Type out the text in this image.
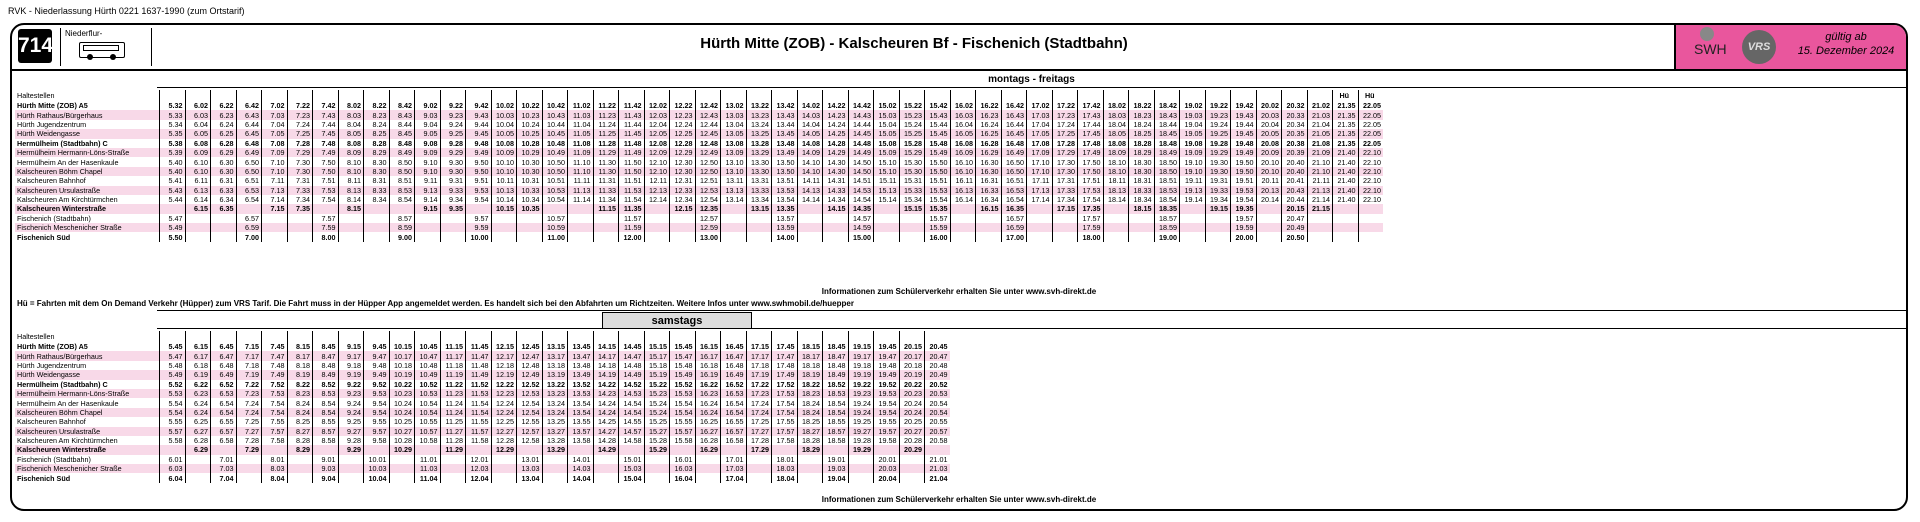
RVK - Niederlassung Hürth 0221 1637-1990 (zum Ortstarif)
714
Niederflur-
Hürth Mitte (ZOB) - Kalscheuren Bf - Fischenich (Stadtbahn)	SWH	VRS
gültig ab
15. Dezember 2024
montags - freitags
Haltestellen																																															Hü	Hü
Hürth Mitte (ZOB) A5	5.32	6.02	6.22	6.42	7.02	7.22	7.42	8.02	8.22	8.42	9.02	9.22	9.42	10.02	10.22	10.42	11.02	11.22	11.42	12.02	12.22	12.42	13.02	13.22	13.42	14.02	14.22	14.42	15.02	15.22	15.42	16.02	16.22	16.42	17.02	17.22	17.42	18.02	18.22	18.42	19.02	19.22	19.42	20.02	20.32	21.02	21.35	22.05
Hürth Rathaus/Bürgerhaus	5.33	6.03	6.23	6.43	7.03	7.23	7.43	8.03	8.23	8.43	9.03	9.23	9.43	10.03	10.23	10.43	11.03	11.23	11.43	12.03	12.23	12.43	13.03	13.23	13.43	14.03	14.23	14.43	15.03	15.23	15.43	16.03	16.23	16.43	17.03	17.23	17.43	18.03	18.23	18.43	19.03	19.23	19.43	20.03	20.33	21.03	21.35	22.05
Hürth Jugendzentrum	5.34	6.04	6.24	6.44	7.04	7.24	7.44	8.04	8.24	8.44	9.04	9.24	9.44	10.04	10.24	10.44	11.04	11.24	11.44	12.04	12.24	12.44	13.04	13.24	13.44	14.04	14.24	14.44	15.04	15.24	15.44	16.04	16.24	16.44	17.04	17.24	17.44	18.04	18.24	18.44	19.04	19.24	19.44	20.04	20.34	21.04	21.35	22.05
Hürth Weidengasse	5.35	6.05	6.25	6.45	7.05	7.25	7.45	8.05	8.25	8.45	9.05	9.25	9.45	10.05	10.25	10.45	11.05	11.25	11.45	12.05	12.25	12.45	13.05	13.25	13.45	14.05	14.25	14.45	15.05	15.25	15.45	16.05	16.25	16.45	17.05	17.25	17.45	18.05	18.25	18.45	19.05	19.25	19.45	20.05	20.35	21.05	21.35	22.05
Hermülheim (Stadtbahn) C	5.38	6.08	6.28	6.48	7.08	7.28	7.48	8.08	8.28	8.48	9.08	9.28	9.48	10.08	10.28	10.48	11.08	11.28	11.48	12.08	12.28	12.48	13.08	13.28	13.48	14.08	14.28	14.48	15.08	15.28	15.48	16.08	16.28	16.48	17.08	17.28	17.48	18.08	18.28	18.48	19.08	19.28	19.48	20.08	20.38	21.08	21.35	22.05
Hermülheim Hermann-Löns-Straße	5.39	6.09	6.29	6.49	7.09	7.29	7.49	8.09	8.29	8.49	9.09	9.29	9.49	10.09	10.29	10.49	11.09	11.29	11.49	12.09	12.29	12.49	13.09	13.29	13.49	14.09	14.29	14.49	15.09	15.29	15.49	16.09	16.29	16.49	17.09	17.29	17.49	18.09	18.29	18.49	19.09	19.29	19.49	20.09	20.39	21.09	21.40	22.10
Hermülheim An der Hasenkaule	5.40	6.10	6.30	6.50	7.10	7.30	7.50	8.10	8.30	8.50	9.10	9.30	9.50	10.10	10.30	10.50	11.10	11.30	11.50	12.10	12.30	12.50	13.10	13.30	13.50	14.10	14.30	14.50	15.10	15.30	15.50	16.10	16.30	16.50	17.10	17.30	17.50	18.10	18.30	18.50	19.10	19.30	19.50	20.10	20.40	21.10	21.40	22.10
Kalscheuren Böhm Chapel	5.40	6.10	6.30	6.50	7.10	7.30	7.50	8.10	8.30	8.50	9.10	9.30	9.50	10.10	10.30	10.50	11.10	11.30	11.50	12.10	12.30	12.50	13.10	13.30	13.50	14.10	14.30	14.50	15.10	15.30	15.50	16.10	16.30	16.50	17.10	17.30	17.50	18.10	18.30	18.50	19.10	19.30	19.50	20.10	20.40	21.10	21.40	22.10
Kalscheuren Bahnhof	5.41	6.11	6.31	6.51	7.11	7.31	7.51	8.11	8.31	8.51	9.11	9.31	9.51	10.11	10.31	10.51	11.11	11.31	11.51	12.11	12.31	12.51	13.11	13.31	13.51	14.11	14.31	14.51	15.11	15.31	15.51	16.11	16.31	16.51	17.11	17.31	17.51	18.11	18.31	18.51	19.11	19.31	19.51	20.11	20.41	21.11	21.40	22.10
Kalscheuren Ursulastraße	5.43	6.13	6.33	6.53	7.13	7.33	7.53	8.13	8.33	8.53	9.13	9.33	9.53	10.13	10.33	10.53	11.13	11.33	11.53	12.13	12.33	12.53	13.13	13.33	13.53	14.13	14.33	14.53	15.13	15.33	15.53	16.13	16.33	16.53	17.13	17.33	17.53	18.13	18.33	18.53	19.13	19.33	19.53	20.13	20.43	21.13	21.40	22.10
Kalscheuren Am Kirchtürmchen	5.44	6.14	6.34	6.54	7.14	7.34	7.54	8.14	8.34	8.54	9.14	9.34	9.54	10.14	10.34	10.54	11.14	11.34	11.54	12.14	12.34	12.54	13.14	13.34	13.54	14.14	14.34	14.54	15.14	15.34	15.54	16.14	16.34	16.54	17.14	17.34	17.54	18.14	18.34	18.54	19.14	19.34	19.54	20.14	20.44	21.14	21.40	22.10
Kalscheuren Winterstraße		6.15	6.35		7.15	7.35		8.15			9.15	9.35		10.15	10.35			11.15	11.35		12.15	12.35		13.15	13.35		14.15	14.35		15.15	15.35		16.15	16.35		17.15	17.35		18.15	18.35		19.15	19.35		20.15	21.15		
Fischenich (Stadtbahn)	5.47			6.57			7.57			8.57			9.57			10.57			11.57			12.57			13.57			14.57			15.57			16.57			17.57			18.57			19.57		20.47			
Fischenich Meschenicher Straße	5.49			6.59			7.59			8.59			9.59			10.59			11.59			12.59			13.59			14.59			15.59			16.59			17.59			18.59			19.59		20.49			
Fischenich Süd	5.50			7.00			8.00			9.00			10.00			11.00			12.00			13.00			14.00			15.00			16.00			17.00			18.00			19.00			20.00		20.50			
Informationen zum Schülerverkehr erhalten Sie unter www.svh-direkt.de
Hü = Fahrten mit dem On Demand Verkehr (Hüpper) zum VRS Tarif. Die Fahrt muss in der Hüpper App angemeldet werden. Es handelt sich bei den Abfahrten um Richtzeiten. Weitere Infos unter www.swhmobil.de/huepper
samstags
Haltestellen																															
Hürth Mitte (ZOB) A5	5.45	6.15	6.45	7.15	7.45	8.15	8.45	9.15	9.45	10.15	10.45	11.15	11.45	12.15	12.45	13.15	13.45	14.15	14.45	15.15	15.45	16.15	16.45	17.15	17.45	18.15	18.45	19.15	19.45	20.15	20.45
Hürth Rathaus/Bürgerhaus	5.47	6.17	6.47	7.17	7.47	8.17	8.47	9.17	9.47	10.17	10.47	11.17	11.47	12.17	12.47	13.17	13.47	14.17	14.47	15.17	15.47	16.17	16.47	17.17	17.47	18.17	18.47	19.17	19.47	20.17	20.47
Hürth Jugendzentrum	5.48	6.18	6.48	7.18	7.48	8.18	8.48	9.18	9.48	10.18	10.48	11.18	11.48	12.18	12.48	13.18	13.48	14.18	14.48	15.18	15.48	16.18	16.48	17.18	17.48	18.18	18.48	19.18	19.48	20.18	20.48
Hürth Weidengasse	5.49	6.19	6.49	7.19	7.49	8.19	8.49	9.19	9.49	10.19	10.49	11.19	11.49	12.19	12.49	13.19	13.49	14.19	14.49	15.19	15.49	16.19	16.49	17.19	17.49	18.19	18.49	19.19	19.49	20.19	20.49
Hermülheim (Stadtbahn) C	5.52	6.22	6.52	7.22	7.52	8.22	8.52	9.22	9.52	10.22	10.52	11.22	11.52	12.22	12.52	13.22	13.52	14.22	14.52	15.22	15.52	16.22	16.52	17.22	17.52	18.22	18.52	19.22	19.52	20.22	20.52
Hermülheim Hermann-Löns-Straße	5.53	6.23	6.53	7.23	7.53	8.23	8.53	9.23	9.53	10.23	10.53	11.23	11.53	12.23	12.53	13.23	13.53	14.23	14.53	15.23	15.53	16.23	16.53	17.23	17.53	18.23	18.53	19.23	19.53	20.23	20.53
Hermülheim An der Hasenkaule	5.54	6.24	6.54	7.24	7.54	8.24	8.54	9.24	9.54	10.24	10.54	11.24	11.54	12.24	12.54	13.24	13.54	14.24	14.54	15.24	15.54	16.24	16.54	17.24	17.54	18.24	18.54	19.24	19.54	20.24	20.54
Kalscheuren Böhm Chapel	5.54	6.24	6.54	7.24	7.54	8.24	8.54	9.24	9.54	10.24	10.54	11.24	11.54	12.24	12.54	13.24	13.54	14.24	14.54	15.24	15.54	16.24	16.54	17.24	17.54	18.24	18.54	19.24	19.54	20.24	20.54
Kalscheuren Bahnhof	5.55	6.25	6.55	7.25	7.55	8.25	8.55	9.25	9.55	10.25	10.55	11.25	11.55	12.25	12.55	13.25	13.55	14.25	14.55	15.25	15.55	16.25	16.55	17.25	17.55	18.25	18.55	19.25	19.55	20.25	20.55
Kalscheuren Ursulastraße	5.57	6.27	6.57	7.27	7.57	8.27	8.57	9.27	9.57	10.27	10.57	11.27	11.57	12.27	12.57	13.27	13.57	14.27	14.57	15.27	15.57	16.27	16.57	17.27	17.57	18.27	18.57	19.27	19.57	20.27	20.57
Kalscheuren Am Kirchtürmchen	5.58	6.28	6.58	7.28	7.58	8.28	8.58	9.28	9.58	10.28	10.58	11.28	11.58	12.28	12.58	13.28	13.58	14.28	14.58	15.28	15.58	16.28	16.58	17.28	17.58	18.28	18.58	19.28	19.58	20.28	20.58
Kalscheuren Winterstraße		6.29		7.29		8.29		9.29		10.29		11.29		12.29		13.29		14.29		15.29		16.29		17.29		18.29		19.29		20.29	
Fischenich (Stadtbahn)	6.01		7.01		8.01		9.01		10.01		11.01		12.01		13.01		14.01		15.01		16.01		17.01		18.01		19.01		20.01		21.01
Fischenich Meschenicher Straße	6.03		7.03		8.03		9.03		10.03		11.03		12.03		13.03		14.03		15.03		16.03		17.03		18.03		19.03		20.03		21.03
Fischenich Süd	6.04		7.04		8.04		9.04		10.04		11.04		12.04		13.04		14.04		15.04		16.04		17.04		18.04		19.04		20.04		21.04
Informationen zum Schülerverkehr erhalten Sie unter www.svh-direkt.de
